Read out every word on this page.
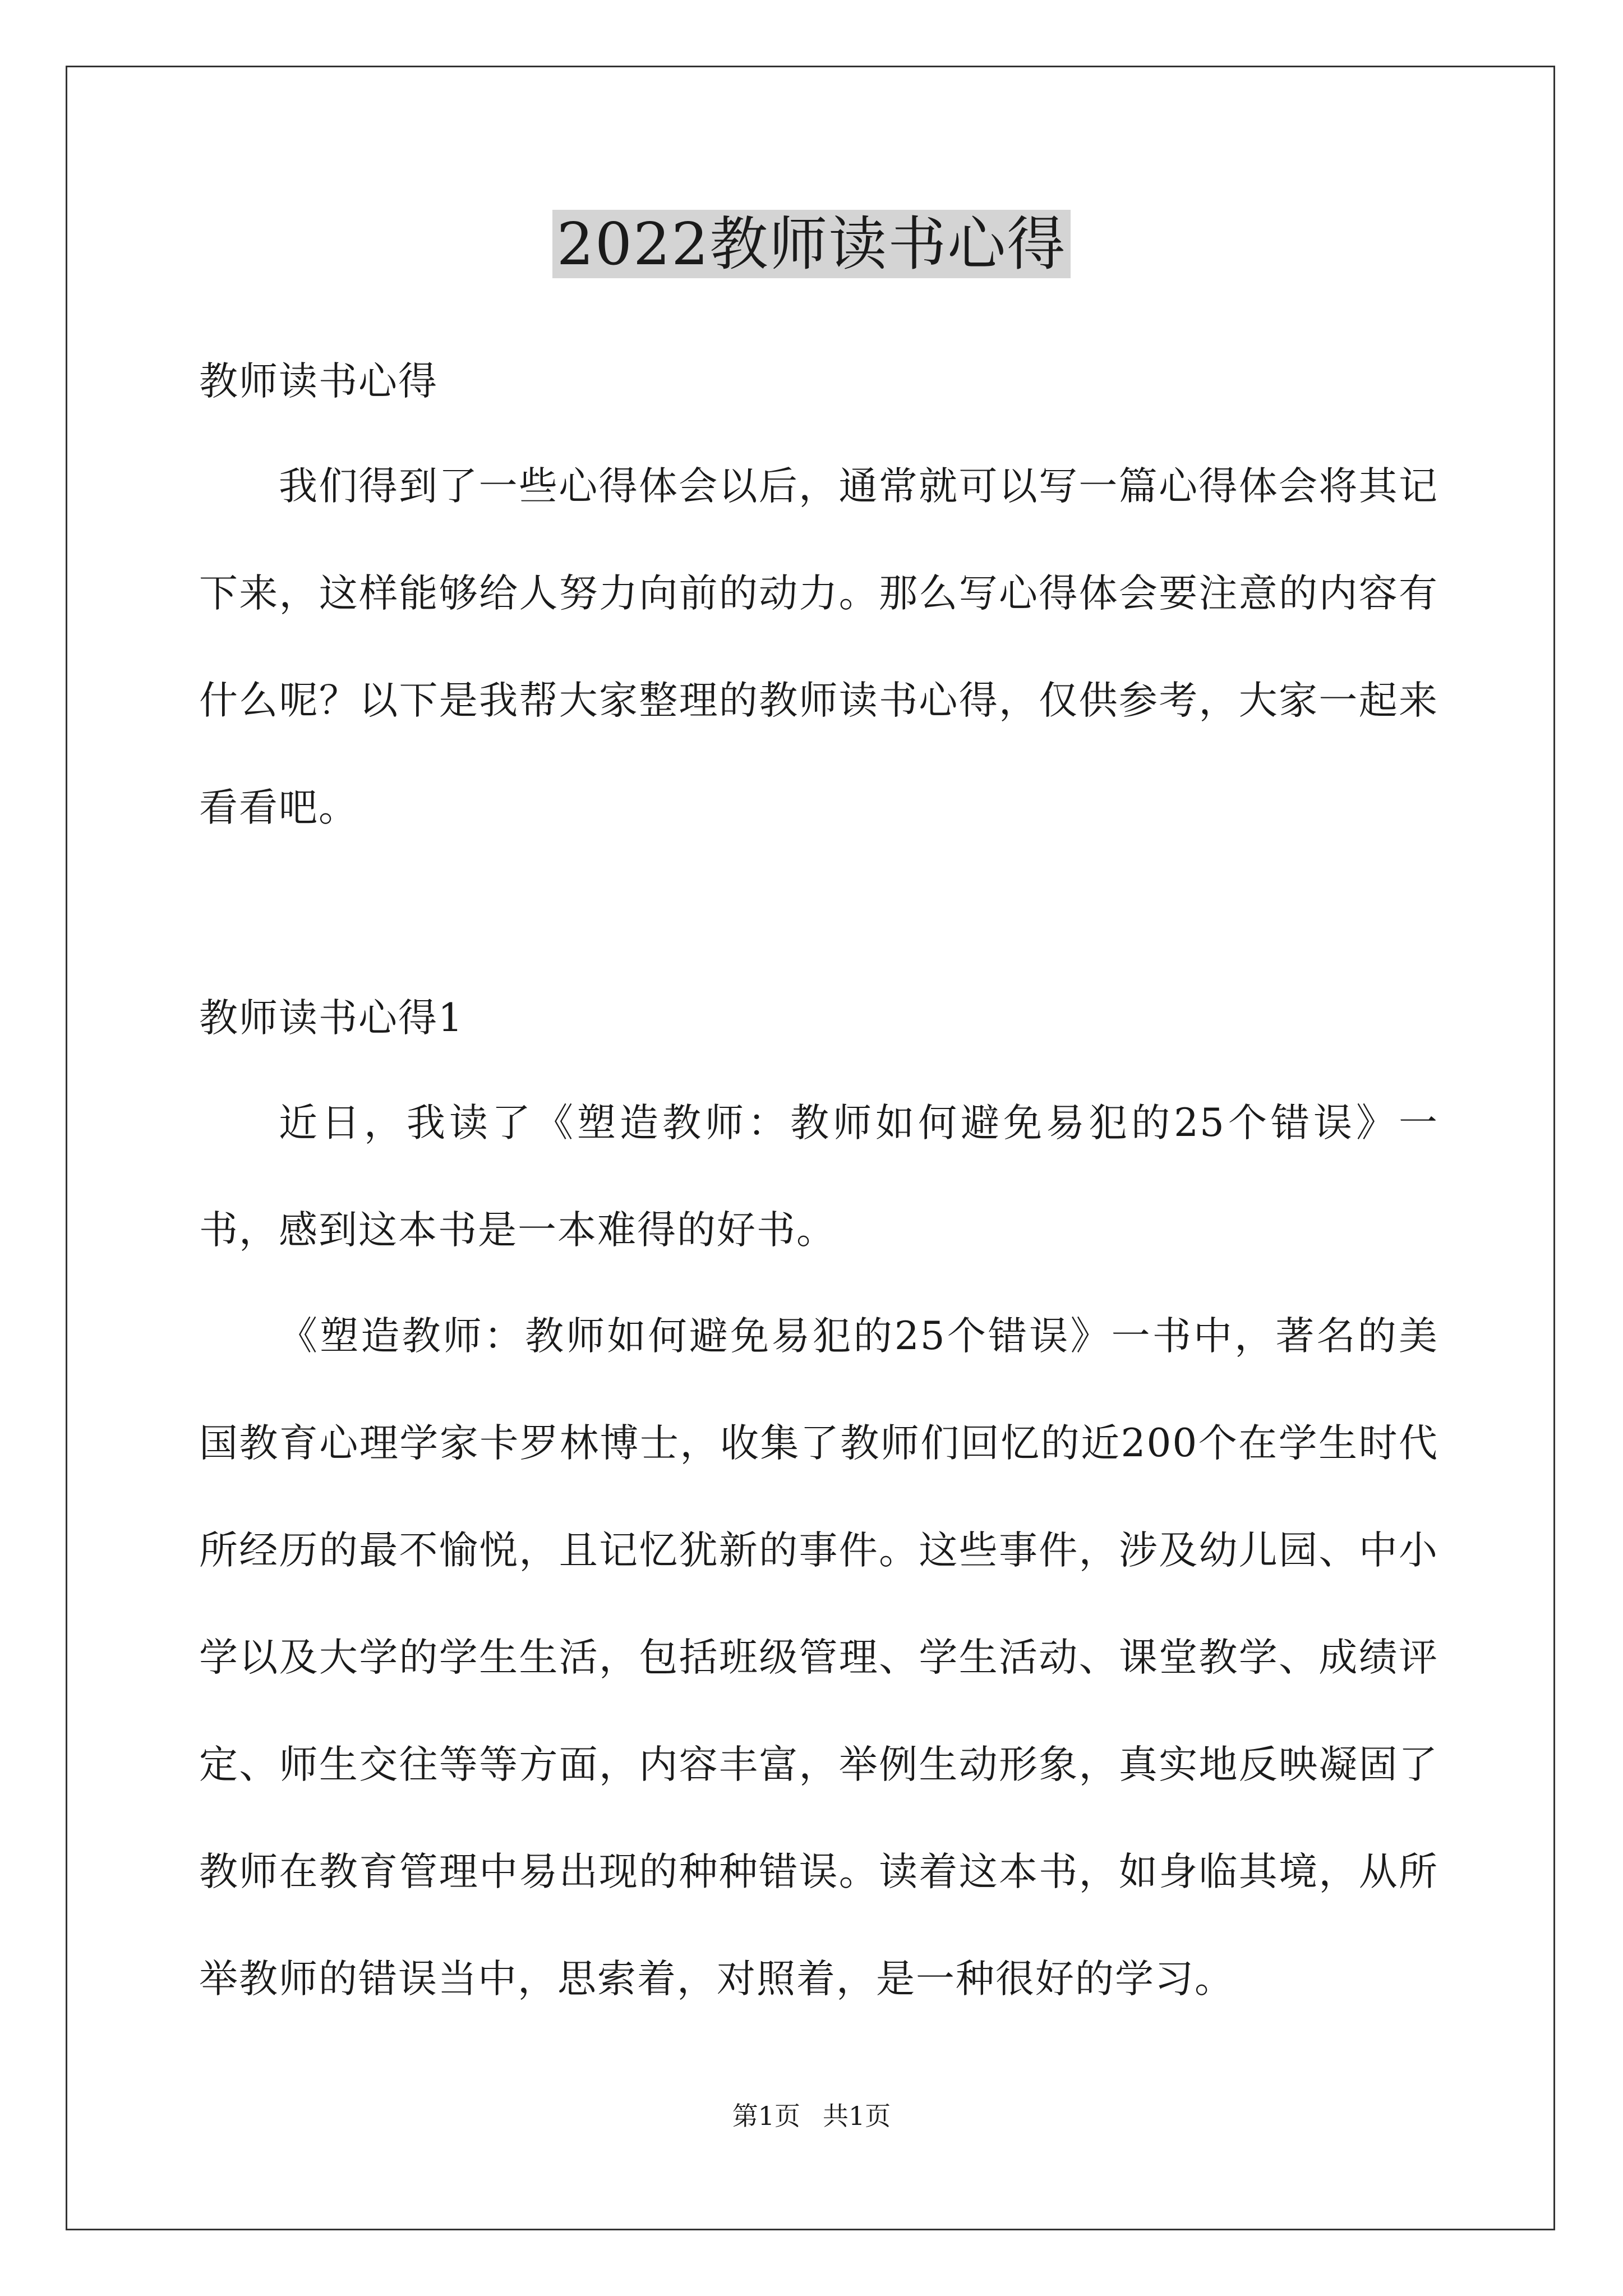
2022教师读书心得
教师读书心得

我们得到了一些心得体会以后，通常就可以写一篇心得体会将其记下来，这样能够给人努力向前的动力。那么写心得体会要注意的内容有什么呢？以下是我帮大家整理的教师读书心得，仅供参考，大家一起来看看吧。

教师读书心得1

近日，我读了《塑造教师：教师如何避免易犯的25个错误》一书，感到这本书是一本难得的好书。

《塑造教师：教师如何避免易犯的25个错误》一书中，著名的美国教育心理学家卡罗林博士，收集了教师们回忆的近200个在学生时代所经历的最不愉悦，且记忆犹新的事件。这些事件，涉及幼儿园、中小学以及大学的学生生活，包括班级管理、学生活动、课堂教学、成绩评定、师生交往等等方面，内容丰富，举例生动形象，真实地反映凝固了教师在教育管理中易出现的种种错误。读着这本书，如身临其境，从所举教师的错误当中，思索着，对照着，是一种很好的学习。

第1页 共1页
